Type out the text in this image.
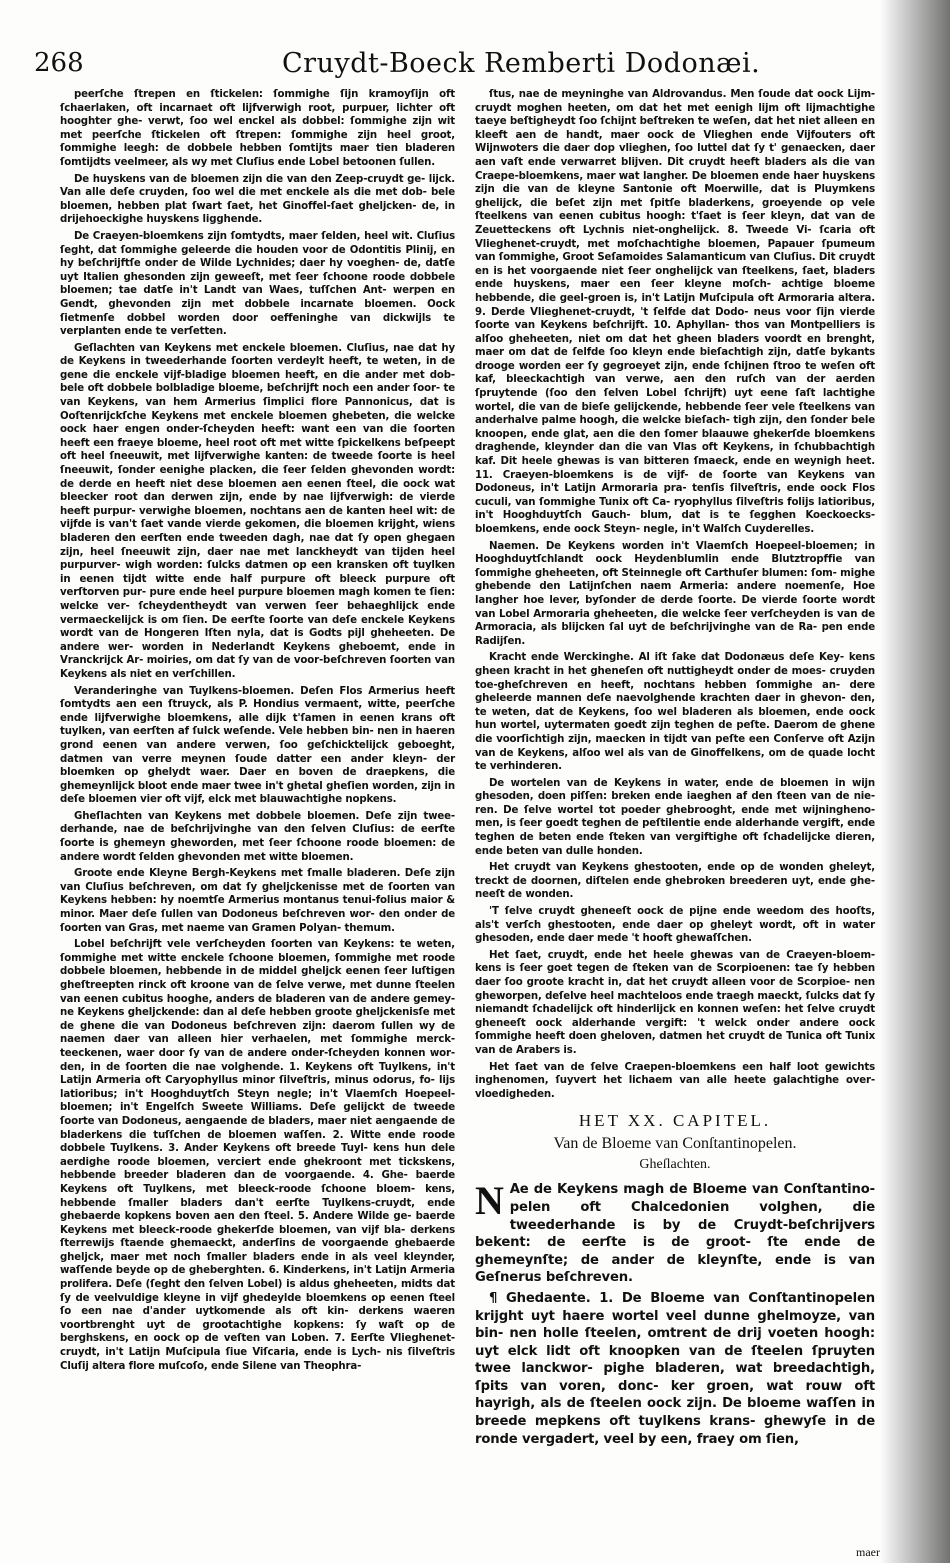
268	Cruydt-Boeck Remberti Dodonæi.

peerſche ſtrepen en ſtickelen: ſommighe ſijn kramoyſijn oft ſchaerlaken, oft incarnaet oft lijfverwigh root, purpuer, lichter oft hooghter ghe- verwt, ſoo wel enckel als dobbel: ſommighe zijn wit met peerſche ſtickelen oft ſtrepen: ſommighe zijn heel groot, ſommighe leegh: de dobbele hebben ſomtijts maer tien bladeren ſomtijdts veelmeer, als wy met Cluſius ende Lobel betoonen ſullen.

De huyskens van de bloemen zijn die van den Zeep-cruydt ge- lijck. Van alle deſe cruyden, ſoo wel die met enckele als die met dob- bele bloemen, hebben plat ſwart ſaet, het Ginoffel-ſaet gheljcken- de, in drijehoeckighe huyskens ligghende.

De Craeyen-bloemkens zijn ſomtydts, maer ſelden, heel wit. Cluſius ſeght, dat ſommighe geleerde die houden voor de Odontitis Plinij, en hy beſchrijftſe onder de Wilde Lychnides; daer hy voeghen- de, datſe uyt Italien ghesonden zijn geweeſt, met ſeer ſchoone roode dobbele bloemen; tae datſe in't Landt van Waes, tuſſchen Ant- werpen en Gendt, ghevonden zijn met dobbele incarnate bloemen. Oock ſietmenſe dobbel worden door oeffeninghe van dickwijls te verplanten ende te verſetten.

Geſlachten van Keykens met enckele bloemen. Cluſius, nae dat hy de Keykens in tweederhande ſoorten verdeylt heeft, te weten, in de gene die enckele vijf-bladige bloemen heeft, en die ander met dob- bele oft dobbele bolbladige bloeme, beſchrijft noch een ander ſoor- te van Keykens, van hem Armerius ſimplici flore Pannonicus, dat is Ooſtenrijckſche Keykens met enckele bloemen ghebeten, die welcke oock haer engen onder-ſcheyden heeft: want een van die ſoorten heeft een fraeye bloeme, heel root oft met witte ſpickelkens beſpeept oft heel ſneeuwit, met lijfverwighe kanten: de tweede ſoorte is heel ſneeuwit, ſonder eenighe placken, die ſeer ſelden ghevonden wordt: de derde en heeft niet dese bloemen aen eenen ſteel, die oock wat bleecker root dan derwen zijn, ende by nae lijfverwigh: de vierde heeft purpur- verwighe bloemen, nochtans aen de kanten heel wit: de vijfde is van't ſaet vande vierde gekomen, die bloemen krijght, wiens bladeren den eerſten ende tweeden dagh, nae dat ſy open ghegaen zijn, heel ſneeuwit zijn, daer nae met lanckheydt van tijden heel purpurver- wigh worden: ſulcks datmen op een kransken oft tuylken in eenen tijdt witte ende half purpure oft bleeck purpure oft verſtorven pur- pure ende heel purpure bloemen magh komen te ſien: welcke ver- ſcheydentheydt van verwen ſeer behaeghlijck ende vermaeckelijck is om ſien. De eerſte ſoorte van deſe enckele Keykens wordt van de Hongeren Iſten nyla, dat is Godts pijl gheheeten. De andere wer- worden in Nederlandt Keykens gheboemt, ende in Vranckrijck Ar- moiries, om dat ſy van de voor-beſchreven ſoorten van Keykens als niet en verſchillen.

Veranderinghe van Tuylkens-bloemen. Deſen Flos Armerius heeft ſomtydts aen een ſtruyck, als P. Hondius vermaent, witte, peerſche ende lijfverwighe bloemkens, alle dijk t'ſamen in eenen krans oft tuylken, van eerſten af ſulck weſende. Vele hebben bin- nen in haeren grond eenen van andere verwen, ſoo geſchicktelijck geboeght, datmen van verre meynen ſoude datter een ander kleyn- der bloemken op ghelydt waer. Daer en boven de draepkens, die ghemeynlijck bloot ende maer twee in't ghetal gheſien worden, zijn in deſe bloemen vier oft vijf, elck met blauwachtighe nopkens.

Gheſlachten van Keykens met dobbele bloemen. Deſe zijn twee- derhande, nae de beſchrijvinghe van den ſelven Cluſius: de eerſte ſoorte is ghemeyn gheworden, met ſeer ſchoone roode bloemen: de andere wordt ſelden ghevonden met witte bloemen.

Groote ende Kleyne Bergh-Keykens met ſmalle bladeren. Deſe zijn van Cluſius beſchreven, om dat ſy gheljckenisse met de ſoorten van Keykens hebben: hy noemtſe Armerius montanus tenui-folius maior & minor. Maer deſe ſullen van Dodoneus beſchreven wor- den onder de ſoorten van Gras, met naeme van Gramen Polyan- themum.

Lobel beſchrijft vele verſcheyden ſoorten van Keykens: te weten, ſommighe met witte enckele ſchoone bloemen, ſommighe met roode dobbele bloemen, hebbende in de middel gheljck eenen ſeer luſtigen gheſtreepten rinck oft kroone van de ſelve verwe, met dunne ſteelen van eenen cubitus hooghe, anders de bladeren van de andere gemey- ne Keykens gheljckende: dan al deſe hebben groote gheljckenisſe met de ghene die van Dodoneus beſchreven zijn: daerom ſullen wy de naemen daer van alleen hier verhaelen, met ſommighe merck- teeckenen, waer door ſy van de andere onder-ſcheyden konnen wor- den, in de ſoorten die nae volghende. 1. Keykens oft Tuylkens, in't Latijn Armeria oft Caryophyllus minor ſilveſtris, minus odorus, fo- lijs latioribus; in't Hooghduytſch Steyn negle; in't Vlaemſch Hoepeel-bloemen; in't Engelſch Sweete Williams. Deſe gelijckt de tweede ſoorte van Dodoneus, aengaende de bladers, maer niet aengaende de bladerkens die tuſſchen de bloemen waſſen. 2. Witte ende roode dobbele Tuylkens. 3. Ander Keykens oft breede Tuyl- kens hun dele aerdighe roode bloemen, verciert ende ghekroont met tickskens, hebbende breeder bladeren dan de voorgaende. 4. Ghe- baerde Keykens oft Tuylkens, met bleeck-roode ſchoone bloem- kens, hebbende ſmaller bladers dan't eerſte Tuylkens-cruydt, ende ghebaerde kopkens boven aen den ſteel. 5. Andere Wilde ge- baerde Keykens met bleeck-roode ghekerſde bloemen, van vijf bla- derkens ſterrewijs ſtaende ghemaeckt, anderſins de voorgaende ghebaerde gheljck, maer met noch ſmaller bladers ende in als veel kleynder, waſſende beyde op de gheberghten. 6. Kinderkens, in't Latijn Armeria prolifera. Deſe (ſeght den ſelven Lobel) is aldus gheheeten, midts dat ſy de veelvuldige kleyne in vijf ghedeylde bloemkens op eenen ſteel ſo een nae d'ander uytkomende als oft kin- derkens waeren voortbrenght uyt de grootachtighe kopkens: ſy waſt op de berghskens, en oock op de veſten van Loben. 7. Eerſte Vlieghenet-cruydt, in't Latijn Muſcipula ſiue Viſcaria, ende is Lych- nis ſilveſtris Cluſij altera flore muſcoſo, ende Silene van Theophra-

ſtus, nae de meyninghe van Aldrovandus. Men ſoude dat oock Lijm- cruydt moghen heeten, om dat het met eenigh lijm oft lijmachtighe taeye beſtigheydt ſoo ſchijnt beſtreken te weſen, dat het niet alleen en kleeft aen de handt, maer oock de Vlieghen ende Vijfouters oft Wijnwoters die daer dop vlieghen, ſoo luttel dat ſy t' genaecken, daer aen vaſt ende verwarret blijven. Dit cruydt heeft bladers als die van Craepe-bloemkens, maer wat langher. De bloemen ende haer huyskens zijn die van de kleyne Santonie oft Moerwille, dat is Pluymkens ghelijck, die beſet zijn met ſpitſe bladerkens, groeyende op vele ſteelkens van eenen cubitus hoogh: t'ſaet is ſeer kleyn, dat van de Zeuetteckens oft Lychnis niet-onghelijck. 8. Tweede Vi- ſcaria oft Vlieghenet-cruydt, met moſchachtighe bloemen, Papauer ſpumeum van ſommighe, Groot Seſamoides Salamanticum van Cluſius. Dit cruydt en is het voorgaende niet ſeer onghelijck van ſteelkens, ſaet, bladers ende huyskens, maer een ſeer kleyne moſch- achtige bloeme hebbende, die geel-groen is, in't Latijn Muſcipula oft Armoraria altera. 9. Derde Vlieghenet-cruydt, 't ſelfde dat Dodo- neus voor ſijn vierde ſoorte van Keykens beſchrijft. 10. Aphyllan- thos van Montpelliers is alſoo gheheeten, niet om dat het gheen bladers voordt en brenght, maer om dat de ſelfde ſoo kleyn ende bieſachtigh zijn, datſe bykants drooge worden eer ſy gegroeyet zijn, ende ſchijnen ſtroo te weſen oft kaf, bleeckachtigh van verwe, aen den ruſch van der aerden ſpruytende (ſoo den ſelven Lobel ſchrijft) uyt eene ſaſt lachtighe wortel, die van de bieſe gelijckende, hebbende ſeer vele ſteelkens van anderhalve palme hoogh, die welcke bieſach- tigh zijn, den ſonder bele knoopen, ende glat, aen die den ſomer blaauwe ghekerſde bloemkens draghende, kleynder dan die van Vlas oft Keykens, in ſchubbachtigh kaf. Dit heele ghewas is van bitteren ſmaeck, ende en weynigh heet. 11. Craeyen-bloemkens is de vijf- de ſoorte van Keykens van Dodoneus, in't Latijn Armoraria pra- tenſis ſilveſtris, ende oock Flos cuculi, van ſommighe Tunix oft Ca- ryophyllus ſilveſtris folijs latioribus, in't Hooghduytſch Gauch- blum, dat is te ſegghen Koeckoecks-bloemkens, ende oock Steyn- negle, in't Walſch Cuyderelles.

Naemen. De Keykens worden in't Vlaemſch Hoepeel-bloemen; in Hooghduytſchlandt oock Heydenblumlin ende Blutztropffie van ſommighe gheheeten, oft Steinnegle oft Carthuſer blumen: ſom- mighe ghebende den Latijnſchen naem Armeria: andere noemenſe, Hoe langher hoe lever, byſonder de derde ſoorte. De vierde ſoorte wordt van Lobel Armoraria gheheeten, die welcke ſeer verſcheyden is van de Armoracia, als blijcken ſal uyt de beſchrijvinghe van de Ra- pen ende Radijſen.

Kracht ende Werckinghe. Al iſt ſake dat Dodonæus deſe Key- kens gheen kracht in het gheneſen oft nuttigheydt onder de moes- cruyden toe-gheſchreven en heeft, nochtans hebben ſommighe an- dere gheleerde mannen deſe naevolghende krachten daer in ghevon- den, te weten, dat de Keykens, ſoo wel bladeren als bloemen, ende oock hun wortel, uytermaten goedt zijn teghen de peſte. Daerom de ghene die voorſichtigh zijn, maecken in tijdt van peſte een Conſerve oft Azijn van de Keykens, alſoo wel als van de Ginoffelkens, om de quade locht te verhinderen.

De wortelen van de Keykens in water, ende de bloemen in wijn ghesoden, doen piſſen: breken ende iaeghen af den ſteen van de nie- ren. De ſelve wortel tot poeder ghebrooght, ende met wijningheno- men, is ſeer goedt teghen de peſtilentie ende alderhande vergift, ende teghen de beten ende ſteken van vergiftighe oft ſchadelijcke dieren, ende beten van dulle honden.

Het cruydt van Keykens ghestooten, ende op de wonden gheleyt, treckt de doornen, diſtelen ende ghebroken breederen uyt, ende ghe- neeſt de wonden.

'T ſelve cruydt gheneeſt oock de pijne ende weedom des hooſts, als't verſch ghestooten, ende daer op gheleyt wordt, oft in water ghesoden, ende daer mede 't hooft ghewaſſchen.

Het ſaet, cruydt, ende het heele ghewas van de Craeyen-bloem- kens is ſeer goet tegen de ſteken van de Scorpioenen: tae ſy hebben daer ſoo groote kracht in, dat het cruydt alleen voor de Scorpioe- nen gheworpen, deſelve heel machteloos ende traegh maeckt, ſulcks dat ſy niemandt ſchadelijck oft hinderlijck en konnen weſen: het ſelve cruydt gheneeſt oock alderhande vergift: 't welck onder andere oock ſommighe heeft doen gheloven, datmen het cruydt de Tunica oft Tunix van de Arabers is.

Het ſaet van de ſelve Craepen-bloemkens een half loot gewichts inghenomen, ſuyvert het lichaem van alle heete galachtighe over- vloedigheden.

HET XX. CAPITEL.
Van de Bloeme van Conſtantinopelen.
Gheſlachten.

N Ae de Keykens magh de Bloeme van Conſtantino- pelen oft Chalcedonien volghen, die tweederhande is by de Cruydt-beſchrijvers bekent: de eerſte is de groot- ſte ende de ghemeynſte; de ander de kleynſte, ende is van Geſnerus beſchreven.

¶ Ghedaente. 1. De Bloeme van Conſtantinopelen krijght uyt haere wortel veel dunne ghelmoyze, van bin- nen holle ſteelen, omtrent de drij voeten hoogh: uyt elck lidt oft knoopken van de ſteelen ſpruyten twee lanckwor- pighe bladeren, wat breedachtigh, ſpits van voren, donc- ker groen, wat rouw oft hayrigh, als de ſteelen oock zijn. De bloeme waſſen in breede mepkens oft tuylkens krans- ghewyſe in de ronde vergadert, veel by een, fraey om ſien,

maer
